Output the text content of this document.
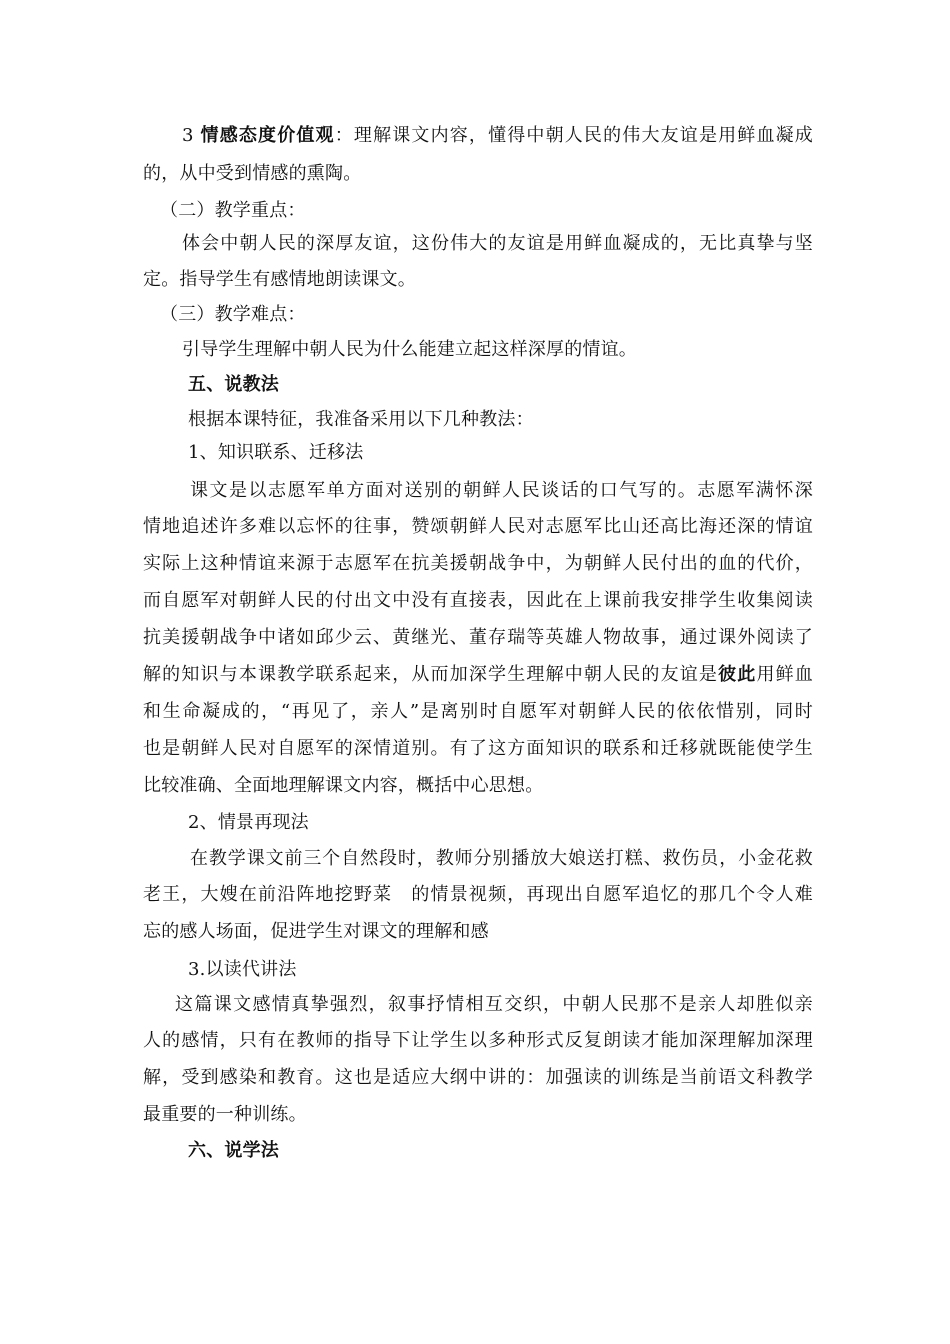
3 情感态度价值观：理解课文内容，懂得中朝人民的伟大友谊是用鲜血凝成
的，从中受到情感的熏陶。
（二）教学重点：
体会中朝人民的深厚友谊，这份伟大的友谊是用鲜血凝成的，无比真挚与坚
定。指导学生有感情地朗读课文。
（三）教学难点：
引导学生理解中朝人民为什么能建立起这样深厚的情谊。
五、说教法
根据本课特征，我准备采用以下几种教法：
1、知识联系、迁移法
课文是以志愿军单方面对送别的朝鲜人民谈话的口气写的。志愿军满怀深
情地追述许多难以忘怀的往事，赞颂朝鲜人民对志愿军比山还高比海还深的情谊
实际上这种情谊来源于志愿军在抗美援朝战争中，为朝鲜人民付出的血的代价，
而自愿军对朝鲜人民的付出文中没有直接表，因此在上课前我安排学生收集阅读
抗美援朝战争中诸如邱少云、黄继光、董存瑞等英雄人物故事，通过课外阅读了
解的知识与本课教学联系起来，从而加深学生理解中朝人民的友谊是彼此用鲜血
和生命凝成的，“再见了，亲人”是离别时自愿军对朝鲜人民的依依惜别，同时
也是朝鲜人民对自愿军的深情道别。有了这方面知识的联系和迁移就既能使学生
比较准确、全面地理解课文内容，概括中心思想。
2、情景再现法
在教学课文前三个自然段时，教师分别播放大娘送打糕、救伤员，小金花救
老王，大嫂在前沿阵地挖野菜　的情景视频，再现出自愿军追忆的那几个令人难
忘的感人场面，促进学生对课文的理解和感
3.以读代讲法
这篇课文感情真挚强烈，叙事抒情相互交织，中朝人民那不是亲人却胜似亲
人的感情，只有在教师的指导下让学生以多种形式反复朗读才能加深理解加深理
解，受到感染和教育。这也是适应大纲中讲的：加强读的训练是当前语文科教学
最重要的一种训练。
六、说学法
